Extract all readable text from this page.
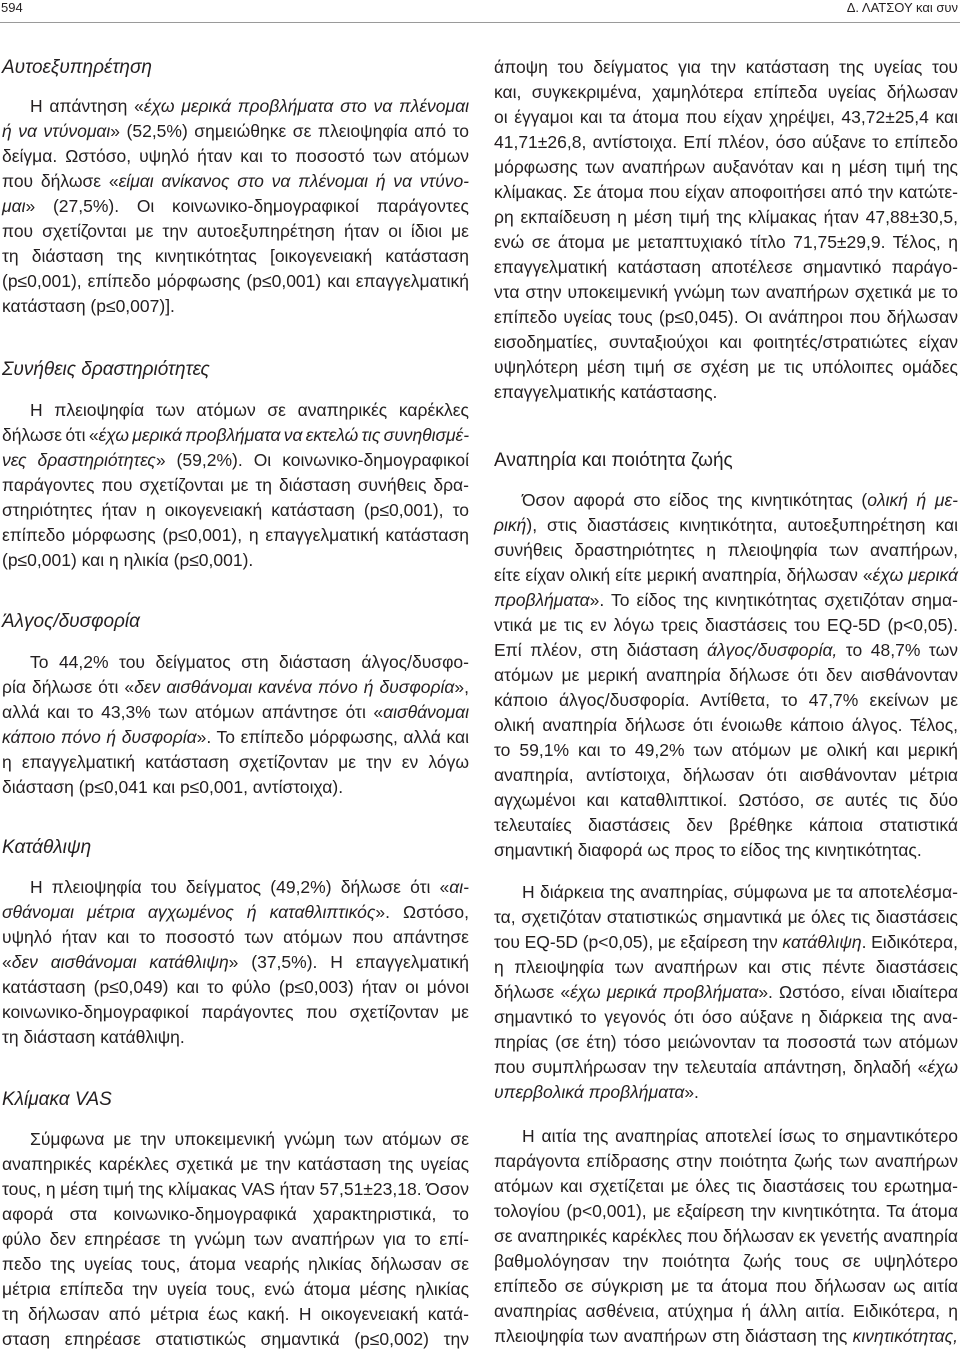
594	Δ. ΛΑΤΣΟΥ και συν
Αυτοεξυπηρέτηση
Η απάντηση «έχω μερικά προβλήματα στο να πλένομαι
ή να ντύνομαι» (52,5%) σημειώθηκε σε πλειοψηφία από το
δείγμα. Ωστόσο, υψηλό ήταν και το ποσοστό των ατόμων
που δήλωσε «είμαι ανίκανος στο να πλένομαι ή να ντύνο-
μαι» (27,5%). Οι κοινωνικο-δημογραφικοί παράγοντες
που σχετίζονται με την αυτοεξυπηρέτηση ήταν οι ίδιοι με
τη διάσταση της κινητικότητας [οικογενειακή κατάσταση
(p≤0,001), επίπεδο μόρφωσης (p≤0,001) και επαγγελματική
κατάσταση (p≤0,007)].
Συνήθεις δραστηριότητες
Η πλειοψηφία των ατόμων σε αναπηρικές καρέκλες
δήλωσε ότι «έχω μερικά προβλήματα να εκτελώ τις συνηθισμέ-
νες δραστηριότητες» (59,2%). Οι κοινωνικο-δημογραφικοί
παράγοντες που σχετίζονται με τη διάσταση συνήθεις δρα-
στηριότητες ήταν η οικογενειακή κατάσταση (p≤0,001), το
επίπεδο μόρφωσης (p≤0,001), η επαγγελματική κατάσταση
(p≤0,001) και η ηλικία (p≤0,001).
Άλγος/δυσφορία
Το 44,2% του δείγματος στη διάσταση άλγος/δυσφο-
ρία δήλωσε ότι «δεν αισθάνομαι κανένα πόνο ή δυσφορία»,
αλλά και το 43,3% των ατόμων απάντησε ότι «αισθάνομαι
κάποιο πόνο ή δυσφορία». Το επίπεδο μόρφωσης, αλλά και
η επαγγελματική κατάσταση σχετίζονταν με την εν λόγω
διάσταση (p≤0,041 και p≤0,001, αντίστοιχα).
Κατάθλιψη
Η πλειοψηφία του δείγματος (49,2%) δήλωσε ότι «αι-
σθάνομαι μέτρια αγχωμένος ή καταθλιπτικός». Ωστόσο,
υψηλό ήταν και το ποσοστό των ατόμων που απάντησε
«δεν αισθάνομαι κατάθλιψη» (37,5%). Η επαγγελματική
κατάσταση (p≤0,049) και το φύλο (p≤0,003) ήταν οι μόνοι
κοινωνικο-δημογραφικοί παράγοντες που σχετίζονταν με
τη διάσταση κατάθλιψη.
Κλίμακα VAS
Σύμφωνα με την υποκειμενική γνώμη των ατόμων σε
αναπηρικές καρέκλες σχετικά με την κατάσταση της υγείας
τους, η μέση τιμή της κλίμακας VAS ήταν 57,51±23,18. Όσον
αφορά στα κοινωνικο-δημογραφικά χαρακτηριστικά, το
φύλο δεν επηρέασε τη γνώμη των αναπήρων για το επί-
πεδο της υγείας τους, άτομα νεαρής ηλικίας δήλωσαν σε
μέτρια επίπεδα την υγεία τους, ενώ άτομα μέσης ηλικίας
τη δήλωσαν από μέτρια έως κακή. Η οικογενειακή κατά-
σταση επηρέασε στατιστικώς σημαντικά (p≤0,002) την
άποψη του δείγματος για την κατάσταση της υγείας του
και, συγκεκριμένα, χαμηλότερα επίπεδα υγείας δήλωσαν
οι έγγαμοι και τα άτομα που είχαν χηρέψει, 43,72±25,4 και
41,71±26,8, αντίστοιχα. Επί πλέον, όσο αύξανε το επίπεδο
μόρφωσης των αναπήρων αυξανόταν και η μέση τιμή της
κλίμακας. Σε άτομα που είχαν αποφοιτήσει από την κατώτε-
ρη εκπαίδευση η μέση τιμή της κλίμακας ήταν 47,88±30,5,
ενώ σε άτομα με μεταπτυχιακό τίτλο 71,75±29,9. Τέλος, η
επαγγελματική κατάσταση αποτέλεσε σημαντικό παράγο-
ντα στην υποκειμενική γνώμη των αναπήρων σχετικά με το
επίπεδο υγείας τους (p≤0,045). Οι ανάπηροι που δήλωσαν
εισοδηματίες, συνταξιούχοι και φοιτητές/στρατιώτες είχαν
υψηλότερη μέση τιμή σε σχέση με τις υπόλοιπες ομάδες
επαγγελματικής κατάστασης.
Αναπηρία και ποιότητα ζωής
Όσον αφορά στο είδος της κινητικότητας (ολική ή με-
ρική), στις διαστάσεις κινητικότητα, αυτοεξυπηρέτηση και
συνήθεις δραστηριότητες η πλειοψηφία των αναπήρων,
είτε είχαν ολική είτε μερική αναπηρία, δήλωσαν «έχω μερικά
προβλήματα». Το είδος της κινητικότητας σχετιζόταν σημα-
ντικά με τις εν λόγω τρεις διαστάσεις του EQ-5D (p<0,05).
Επί πλέον, στη διάσταση άλγος/δυσφορία, το 48,7% των
ατόμων με μερική αναπηρία δήλωσε ότι δεν αισθάνονταν
κάποιο άλγος/δυσφορία. Αντίθετα, το 47,7% εκείνων με
ολική αναπηρία δήλωσε ότι ένοιωθε κάποιο άλγος. Τέλος,
το 59,1% και το 49,2% των ατόμων με ολική και μερική
αναπηρία, αντίστοιχα, δήλωσαν ότι αισθάνονταν μέτρια
αγχωμένοι και καταθλιπτικοί. Ωστόσο, σε αυτές τις δύο
τελευταίες διαστάσεις δεν βρέθηκε κάποια στατιστικά
σημαντική διαφορά ως προς το είδος της κινητικότητας.
Η διάρκεια της αναπηρίας, σύμφωνα με τα αποτελέσμα-
τα, σχετιζόταν στατιστικώς σημαντικά με όλες τις διαστάσεις
του EQ-5D (p<0,05), με εξαίρεση την κατάθλιψη. Ειδικότερα,
η πλειοψηφία των αναπήρων και στις πέντε διαστάσεις
δήλωσε «έχω μερικά προβλήματα». Ωστόσο, είναι ιδιαίτερα
σημαντικό το γεγονός ότι όσο αύξανε η διάρκεια της ανα-
πηρίας (σε έτη) τόσο μειώνονταν τα ποσοστά των ατόμων
που συμπλήρωσαν την τελευταία απάντηση, δηλαδή «έχω
υπερβολικά προβλήματα».
Η αιτία της αναπηρίας αποτελεί ίσως το σημαντικότερο
παράγοντα επίδρασης στην ποιότητα ζωής των αναπήρων
ατόμων και σχετίζεται με όλες τις διαστάσεις του ερωτημα-
τολογίου (p<0,001), με εξαίρεση την κινητικότητα. Τα άτομα
σε αναπηρικές καρέκλες που δήλωσαν εκ γενετής αναπηρία
βαθμολόγησαν την ποιότητα ζωής τους σε υψηλότερο
επίπεδο σε σύγκριση με τα άτομα που δήλωσαν ως αιτία
αναπηρίας ασθένεια, ατύχημα ή άλλη αιτία. Ειδικότερα, η
πλειοψηφία των αναπήρων στη διάσταση της κινητικότητας,
